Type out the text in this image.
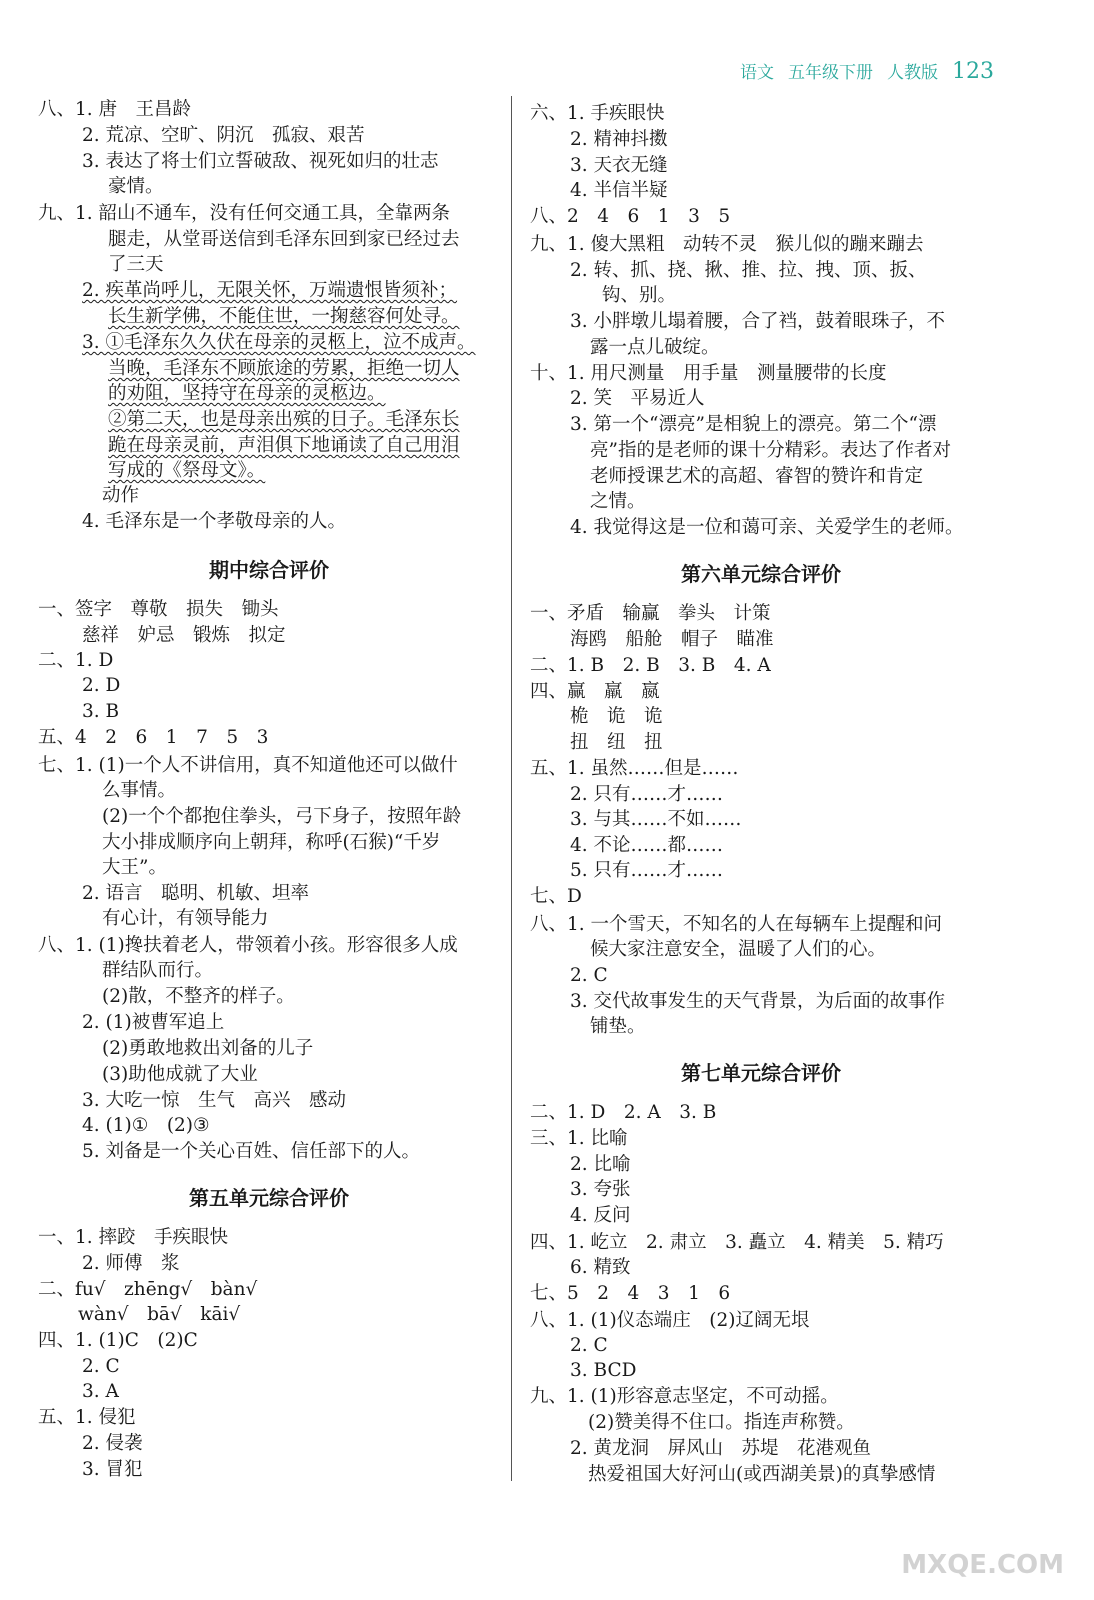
语文 五年级下册 人教版 123
八、1. 唐　王昌龄
2. 荒凉、空旷、阴沉　孤寂、艰苦
3. 表达了将士们立誓破敌、视死如归的壮志
豪情。
九、1. 韶山不通车，没有任何交通工具，全靠两条
腿走，从堂哥送信到毛泽东回到家已经过去
了三天
2. 疾革尚呼儿，无限关怀，万端遗恨皆须补；
长生新学佛，不能住世，一掬慈容何处寻。
3. ①毛泽东久久伏在母亲的灵柩上，泣不成声。
当晚，毛泽东不顾旅途的劳累，拒绝一切人
的劝阻，坚持守在母亲的灵柩边。
②第二天，也是母亲出殡的日子。毛泽东长
跪在母亲灵前，声泪俱下地诵读了自己用泪
写成的《祭母文》。
动作
4. 毛泽东是一个孝敬母亲的人。
一、签字　尊敬　损失　锄头
慈祥　妒忌　锻炼　拟定
二、1. D
2. D
3. B
五、4　2　6　1　7　5　3
七、1. (1)一个人不讲信用，真不知道他还可以做什
么事情。
(2)一个个都抱住拳头，弓下身子，按照年龄
大小排成顺序向上朝拜，称呼(石猴)“千岁
大王”。
2. 语言　聪明、机敏、坦率
有心计，有领导能力
八、1. (1)搀扶着老人，带领着小孩。形容很多人成
群结队而行。
(2)散，不整齐的样子。
2. (1)被曹军追上
(2)勇敢地救出刘备的儿子
(3)助他成就了大业
3. 大吃一惊　生气　高兴　感动
4. (1)①　(2)③
5. 刘备是一个关心百姓、信任部下的人。
一、1. 摔跤　手疾眼快
2. 师傅　浆
二、fu√　zhēng√　bàn√
wàn√　bā√　kāi√
四、1. (1)C　(2)C
2. C
3. A
五、1. 侵犯
2. 侵袭
3. 冒犯
期中综合评价
第五单元综合评价
六、1. 手疾眼快
2. 精神抖擞
3. 天衣无缝
4. 半信半疑
八、2　4　6　1　3　5
九、1. 傻大黑粗　动转不灵　猴儿似的蹦来蹦去
2. 转、抓、挠、揪、推、拉、拽、顶、扳、
钩、别。
3. 小胖墩儿塌着腰，合了裆，鼓着眼珠子，不
露一点儿破绽。
十、1. 用尺测量　用手量　测量腰带的长度
2. 笑　平易近人
3. 第一个“漂亮”是相貌上的漂亮。第二个“漂
亮”指的是老师的课十分精彩。表达了作者对
老师授课艺术的高超、睿智的赞许和肯定
之情。
4. 我觉得这是一位和蔼可亲、关爱学生的老师。
一、矛盾　输赢　拳头　计策
海鸥　船舱　帽子　瞄准
二、1. B　2. B　3. B　4. A
四、赢　羸　嬴
桅　诡　诡
扭　纽　扭
五、1. 虽然……但是……
2. 只有……才……
3. 与其……不如……
4. 不论……都……
5. 只有……才……
七、D
八、1. 一个雪天，不知名的人在每辆车上提醒和问
候大家注意安全，温暖了人们的心。
2. C
3. 交代故事发生的天气背景，为后面的故事作
铺垫。
二、1. D　2. A　3. B
三、1. 比喻
2. 比喻
3. 夸张
4. 反问
四、1. 屹立　2. 肃立　3. 矗立　4. 精美　5. 精巧
6. 精致
七、5　2　4　3　1　6
八、1. (1)仪态端庄　(2)辽阔无垠
2. C
3. BCD
九、1. (1)形容意志坚定，不可动摇。
(2)赞美得不住口。指连声称赞。
2. 黄龙洞　屏风山　苏堤　花港观鱼
热爱祖国大好河山(或西湖美景)的真挚感情
第六单元综合评价
第七单元综合评价
MXQE.COM
